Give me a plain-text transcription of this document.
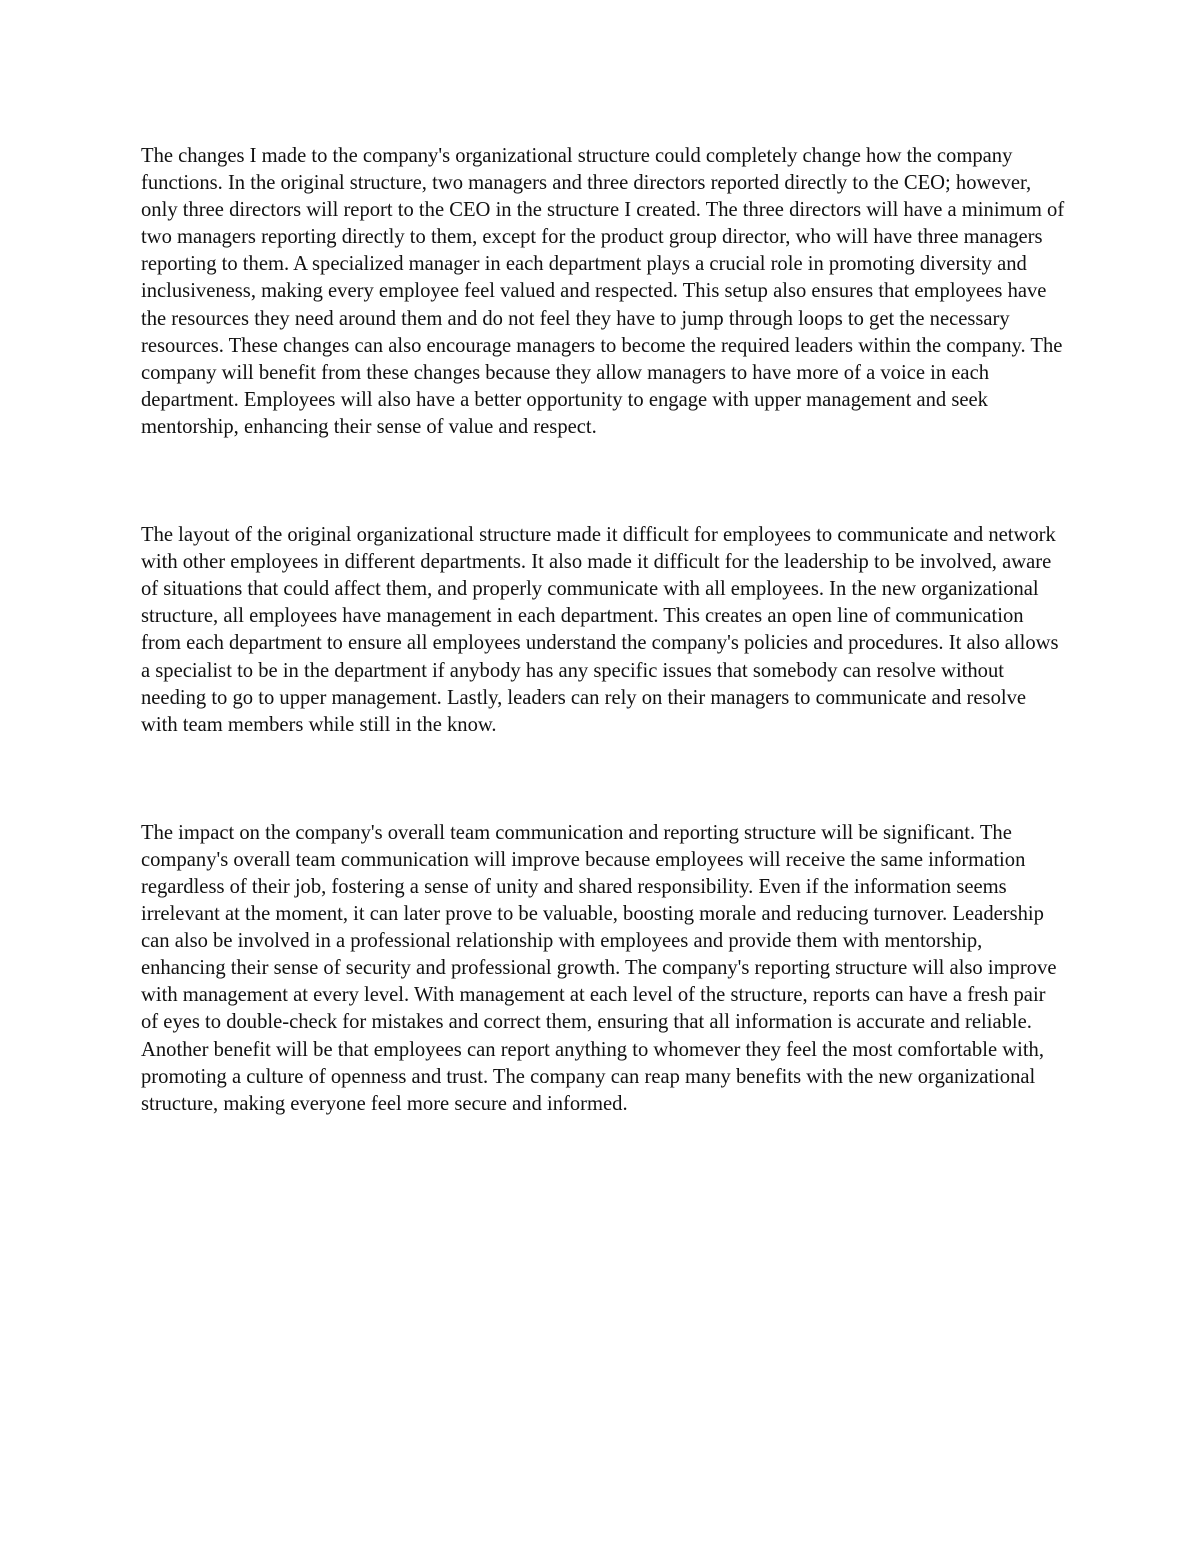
The changes I made to the company's organizational structure could completely change how the company functions. In the original structure, two managers and three directors reported directly to the CEO; however, only three directors will report to the CEO in the structure I created. The three directors will have a minimum of two managers reporting directly to them, except for the product group director, who will have three managers reporting to them. A specialized manager in each department plays a crucial role in promoting diversity and inclusiveness, making every employee feel valued and respected. This setup also ensures that employees have the resources they need around them and do not feel they have to jump through loops to get the necessary resources. These changes can also encourage managers to become the required leaders within the company. The company will benefit from these changes because they allow managers to have more of a voice in each department. Employees will also have a better opportunity to engage with upper management and seek mentorship, enhancing their sense of value and respect.

The layout of the original organizational structure made it difficult for employees to communicate and network with other employees in different departments. It also made it difficult for the leadership to be involved, aware of situations that could affect them, and properly communicate with all employees. In the new organizational structure, all employees have management in each department. This creates an open line of communication from each department to ensure all employees understand the company's policies and procedures. It also allows a specialist to be in the department if anybody has any specific issues that somebody can resolve without needing to go to upper management. Lastly, leaders can rely on their managers to communicate and resolve with team members while still in the know.

The impact on the company's overall team communication and reporting structure will be significant. The company's overall team communication will improve because employees will receive the same information regardless of their job, fostering a sense of unity and shared responsibility. Even if the information seems irrelevant at the moment, it can later prove to be valuable, boosting morale and reducing turnover. Leadership can also be involved in a professional relationship with employees and provide them with mentorship, enhancing their sense of security and professional growth. The company's reporting structure will also improve with management at every level. With management at each level of the structure, reports can have a fresh pair of eyes to double-check for mistakes and correct them, ensuring that all information is accurate and reliable. Another benefit will be that employees can report anything to whomever they feel the most comfortable with, promoting a culture of openness and trust. The company can reap many benefits with the new organizational structure, making everyone feel more secure and informed.
